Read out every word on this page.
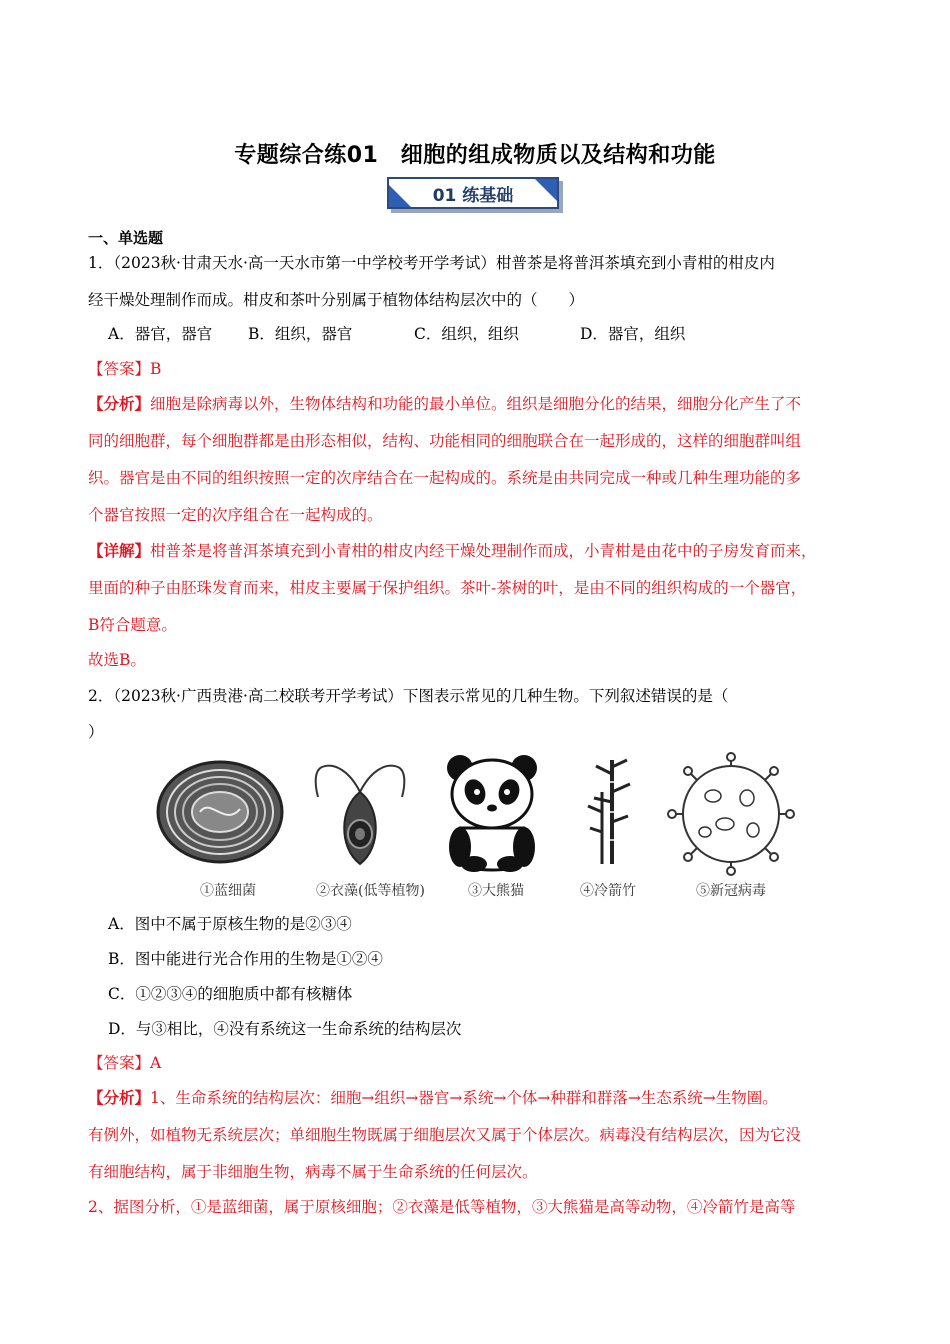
专题综合练01　细胞的组成物质以及结构和功能
01 练基础
一、单选题
1．（2023秋·甘肃天水·高一天水市第一中学校考开学考试）柑普茶是将普洱茶填充到小青柑的柑皮内
经干燥处理制作而成。柑皮和茶叶分别属于植物体结构层次中的（　　）
A．器官，器官 B．组织，器官	C．组织，组织	D．器官，组织
【答案】B
【分析】细胞是除病毒以外，生物体结构和功能的最小单位。组织是细胞分化的结果，细胞分化产生了不
同的细胞群，每个细胞群都是由形态相似，结构、功能相同的细胞联合在一起形成的，这样的细胞群叫组
织。器官是由不同的组织按照一定的次序结合在一起构成的。系统是由共同完成一种或几种生理功能的多
个器官按照一定的次序组合在一起构成的。
【详解】柑普茶是将普洱茶填充到小青柑的柑皮内经干燥处理制作而成，小青柑是由花中的子房发育而来，
里面的种子由胚珠发育而来，柑皮主要属于保护组织。茶叶-茶树的叶，是由不同的组织构成的一个器官，
B符合题意。
故选B。
2．（2023秋·广西贵港·高二校联考开学考试）下图表示常见的几种生物。下列叙述错误的是（
）
①蓝细菌	②衣藻(低等植物)	③大熊猫	④冷箭竹	⑤新冠病毒
A．图中不属于原核生物的是②③④
B．图中能进行光合作用的生物是①②④
C．①②③④的细胞质中都有核糖体
D．与③相比，④没有系统这一生命系统的结构层次
【答案】A
【分析】1、生命系统的结构层次：细胞→组织→器官→系统→个体→种群和群落→生态系统→生物圈。
有例外，如植物无系统层次；单细胞生物既属于细胞层次又属于个体层次。病毒没有结构层次，因为它没
有细胞结构，属于非细胞生物，病毒不属于生命系统的任何层次。
2、据图分析，①是蓝细菌，属于原核细胞；②衣藻是低等植物，③大熊猫是高等动物，④冷箭竹是高等
